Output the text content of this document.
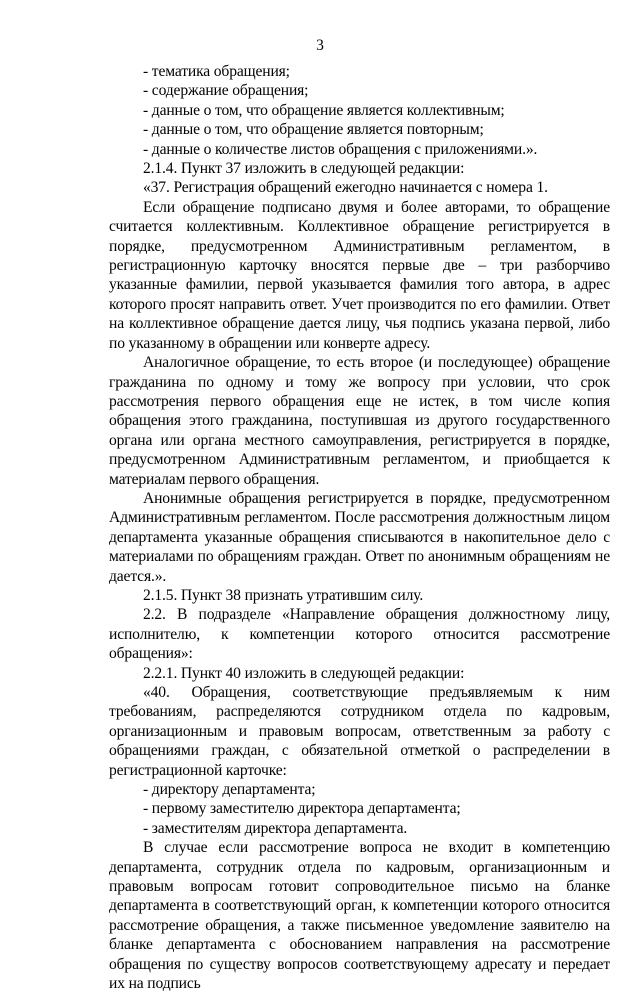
3

- тематика обращения;

- содержание обращения;

- данные о том, что обращение является коллективным;

- данные о том, что обращение является повторным;

- данные о количестве листов обращения с приложениями.».

2.1.4. Пункт 37 изложить в следующей редакции:

«37. Регистрация обращений ежегодно начинается с номера 1.

Если обращение подписано двумя и более авторами, то обращение считается коллективным. Коллективное обращение регистрируется в порядке, предусмотренном Административным регламентом, в регистрационную карточку вносятся первые две – три разборчиво указанные фамилии, первой указывается фамилия того автора, в адрес которого просят направить ответ. Учет производится по его фамилии. Ответ на коллективное обращение дается лицу, чья подпись указана первой, либо по указанному в обращении или конверте адресу.

Аналогичное обращение, то есть второе (и последующее) обращение гражданина по одному и тому же вопросу при условии, что срок рассмотрения первого обращения еще не истек, в том числе копия обращения этого гражданина, поступившая из другого государственного органа или органа местного самоуправления, регистрируется в порядке, предусмотренном Административным регламентом, и приобщается к материалам первого обращения.

Анонимные обращения регистрируется в порядке, предусмотренном Административным регламентом. После рассмотрения должностным лицом департамента указанные обращения списываются в накопительное дело с материалами по обращениям граждан. Ответ по анонимным обращениям не дается.».

2.1.5. Пункт 38 признать утратившим силу.

2.2. В подразделе «Направление обращения должностному лицу, исполнителю, к компетенции которого относится рассмотрение обращения»:

2.2.1. Пункт 40 изложить в следующей редакции:

«40. Обращения, соответствующие предъявляемым к ним требованиям, распределяются сотрудником отдела по кадровым, организационным и правовым вопросам, ответственным за работу с обращениями граждан, с обязательной отметкой о распределении в регистрационной карточке:

- директору департамента;

- первому заместителю директора департамента;

- заместителям директора департамента.

В случае если рассмотрение вопроса не входит в компетенцию департамента, сотрудник отдела по кадровым, организационным и правовым вопросам готовит сопроводительное письмо на бланке департамента в соответствующий орган, к компетенции которого относится рассмотрение обращения, а также письменное уведомление заявителю на бланке департамента с обоснованием направления на рассмотрение обращения по существу вопросов соответствующему адресату и передает их на подпись
